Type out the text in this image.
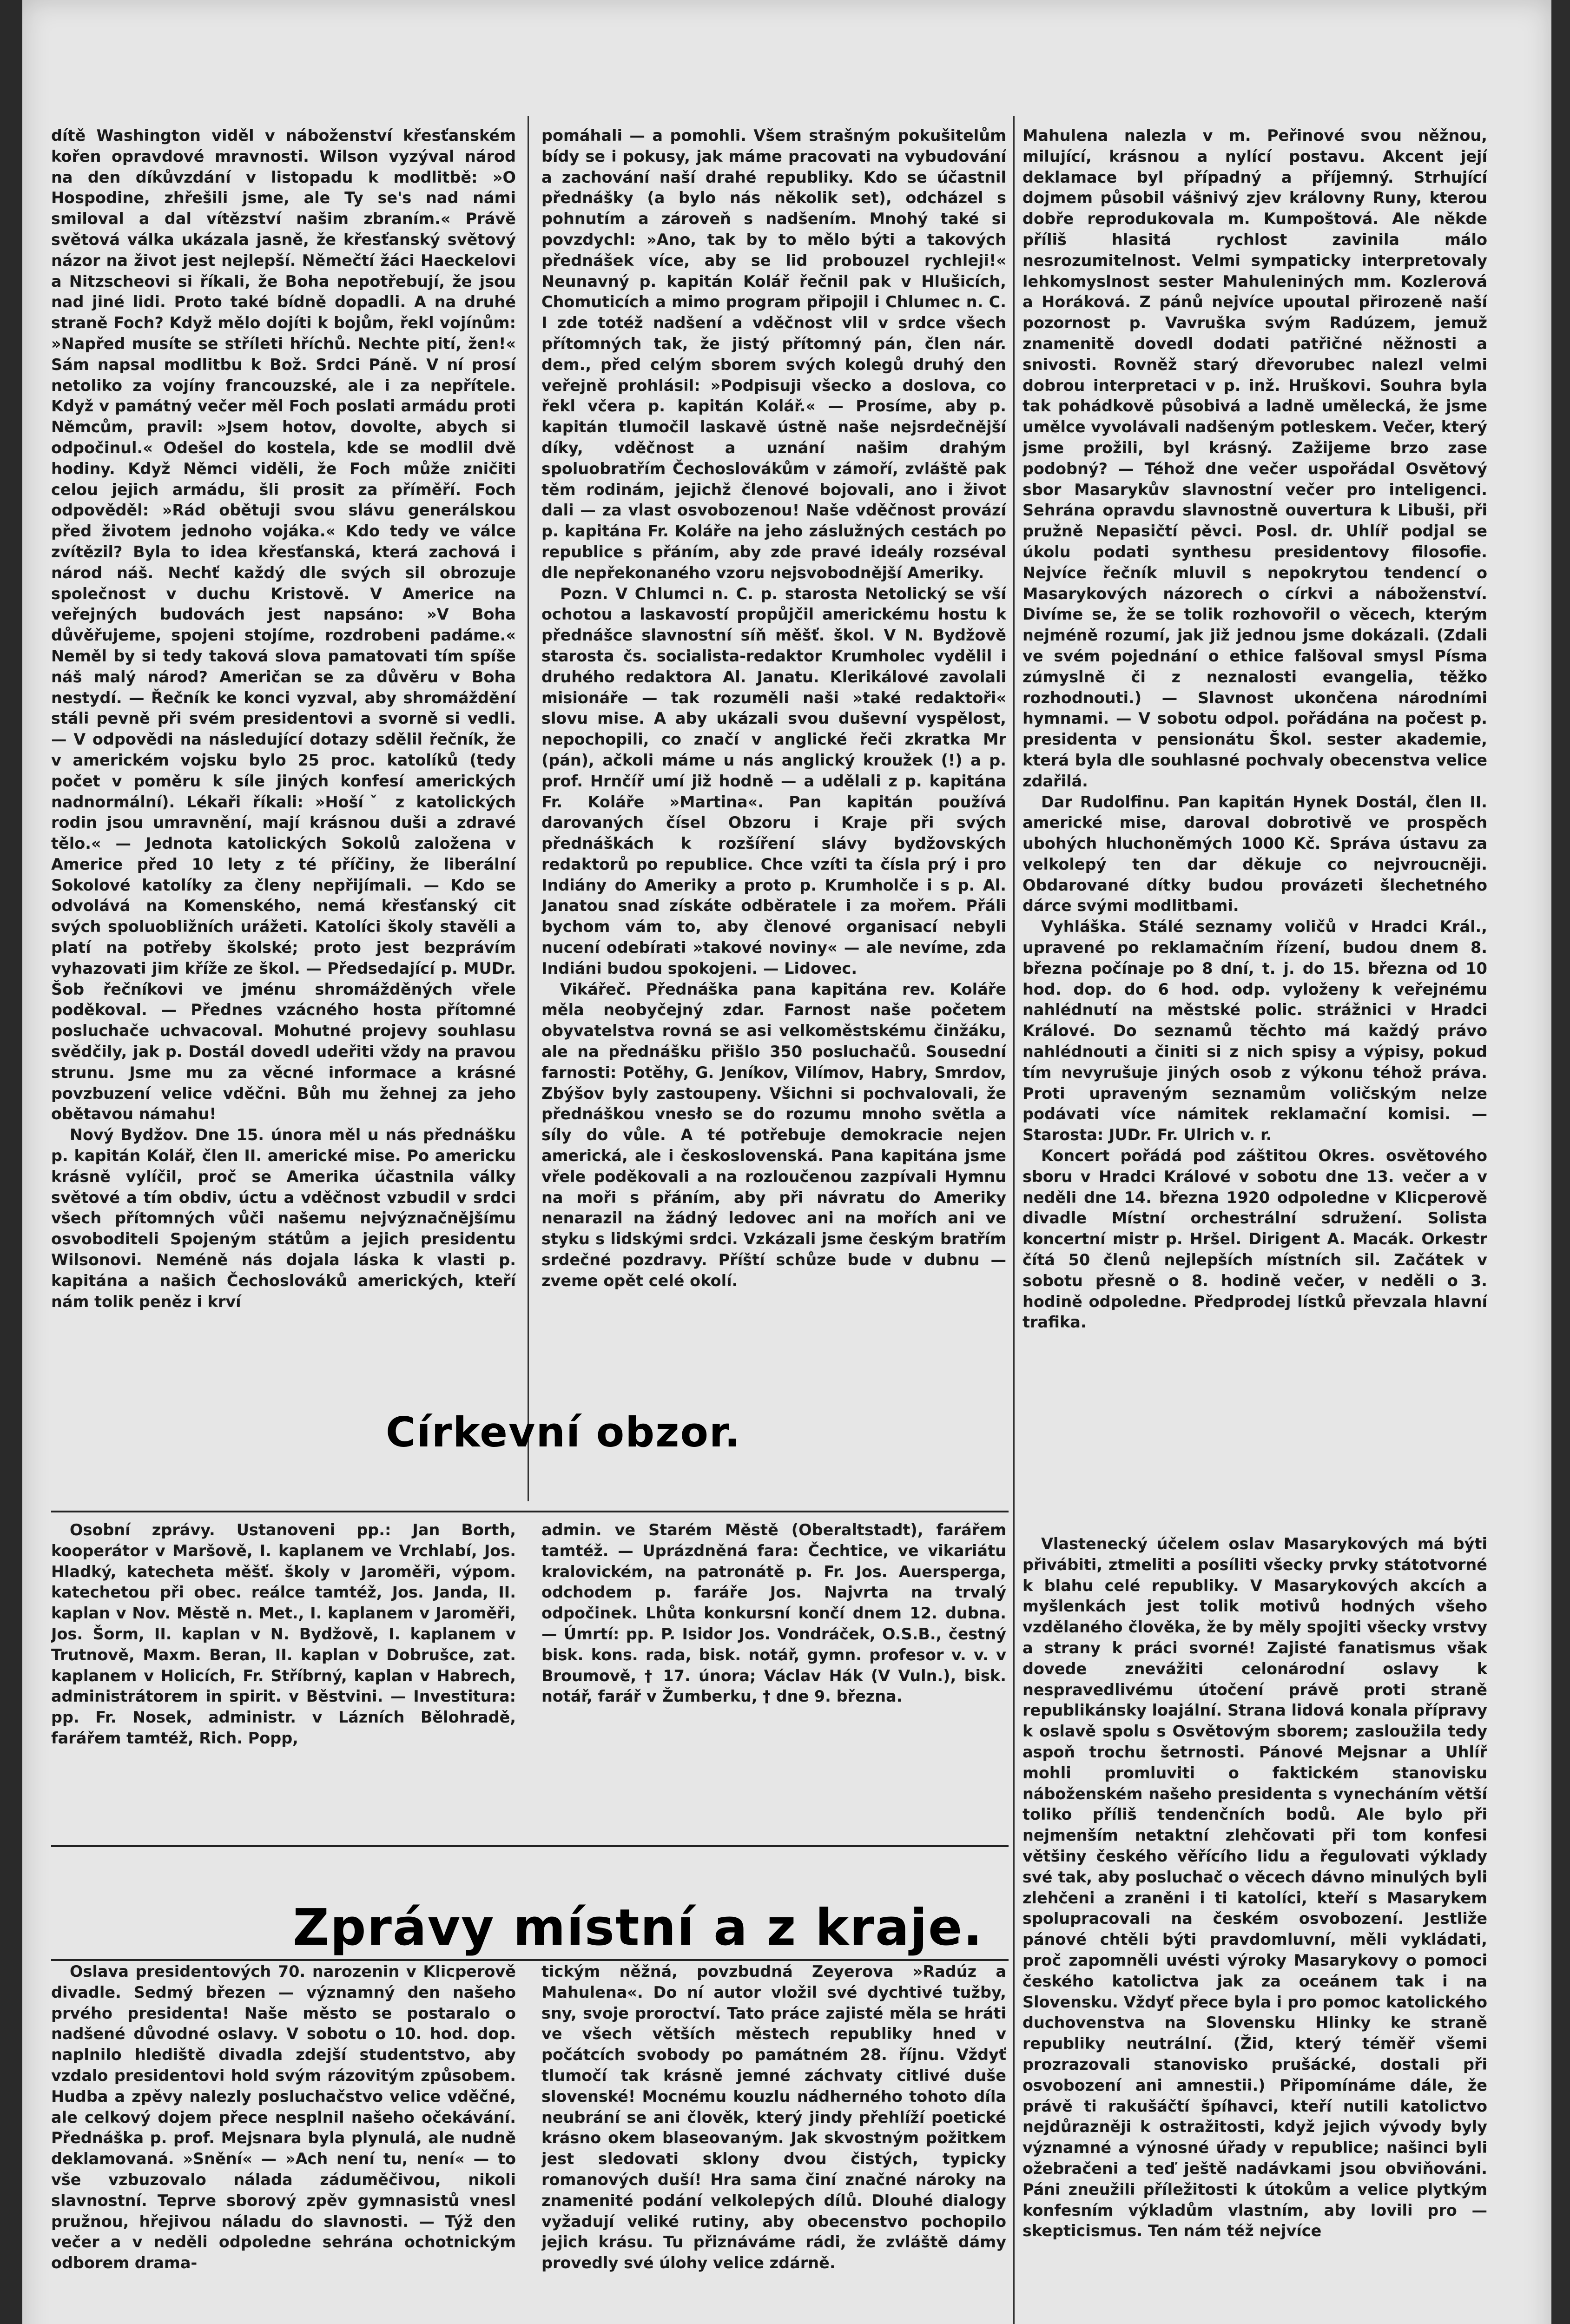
dítě Washington viděl v náboženství křesťanském kořen opravdové mravnosti. Wilson vyzýval národ na den díkůvzdání v listopadu k modlitbě: »O Hospodine, zhřešili jsme, ale Ty se's nad námi smiloval a dal vítězství našim zbraním.« Právě světová válka ukázala jasně, že křesťanský světový názor na život jest nejlepší. Němečtí žáci Haeckelovi a Nitzscheovi si říkali, že Boha nepotřebují, že jsou nad jiné lidi. Proto také bídně dopadli. A na druhé straně Foch? Když mělo dojíti k bojům, řekl vojínům: »Napřed musíte se stříleti hříchů. Nechte pití, žen!« Sám napsal modlitbu k Bož. Srdci Páně. V ní prosí netoliko za vojíny francouzské, ale i za nepřítele. Když v památný večer měl Foch poslati armádu proti Němcům, pravil: »Jsem hotov, dovolte, abych si odpočinul.« Odešel do kostela, kde se modlil dvě hodiny. Když Němci viděli, že Foch může zničiti celou jejich armádu, šli prosit za příměří. Foch odpověděl: »Rád obětuji svou slávu generálskou před životem jednoho vojáka.« Kdo tedy ve válce zvítězil? Byla to idea křesťanská, která zachová i národ náš. Nechť každý dle svých sil obrozuje společnost v duchu Kristově. V Americe na veřejných budovách jest napsáno: »V Boha důvěřujeme, spojeni stojíme, rozdrobeni padáme.« Neměl by si tedy taková slova pamatovati tím spíše náš malý národ? Američan se za důvěru v Boha nestydí. — Řečník ke konci vyzval, aby shromáždění stáli pevně při svém presidentovi a svorně si vedli. — V odpovědi na následující dotazy sdělil řečník, že v americkém vojsku bylo 25 proc. katolíků (tedy počet v poměru k síle jiných konfesí amerických nadnormální). Lékaři říkali: »Hošíˇ z katolických rodin jsou umravnění, mají krásnou duši a zdravé tělo.« — Jednota katolických Sokolů založena v Americe před 10 lety z té příčiny, že liberální Sokolové katolíky za členy nepřijímali. — Kdo se odvolává na Komenského, nemá křesťanský cit svých spoluobližních urážeti. Katolíci školy stavěli a platí na potřeby školské; proto jest bezprávím vyhazovati jim kříže ze škol. — Předsedající p. MUDr. Šob řečníkovi ve jménu shromážděných vřele poděkoval. — Přednes vzácného hosta přítomné posluchače uchvacoval. Mohutné projevy souhlasu svědčily, jak p. Dostál dovedl udeřiti vždy na pravou strunu. Jsme mu za věcné informace a krásné povzbuzení velice vděčni. Bůh mu žehnej za jeho obětavou námahu!

Nový Bydžov. Dne 15. února měl u nás přednášku p. kapitán Kolář, člen II. americké mise. Po americku krásně vylíčil, proč se Amerika účastnila války světové a tím obdiv, úctu a vděčnost vzbudil v srdci všech přítomných vůči našemu nejvýznačnějšímu osvoboditeli Spojeným státům a jejich presidentu Wilsonovi. Neméně nás dojala láska k vlasti p. kapitána a našich Čechoslováků amerických, kteří nám tolik peněz i krví

pomáhali — a pomohli. Všem strašným pokušitelům bídy se i pokusy, jak máme pracovati na vybudování a zachování naší drahé republiky. Kdo se účastnil přednášky (a bylo nás několik set), odcházel s pohnutím a zároveň s nadšením. Mnohý také si povzdychl: »Ano, tak by to mělo býti a takových přednášek více, aby se lid probouzel rychleji!« Neunavný p. kapitán Kolář řečnil pak v Hlušicích, Chomuticích a mimo program připojil i Chlumec n. C. I zde totéž nadšení a vděčnost vlil v srdce všech přítomných tak, že jistý přítomný pán, člen nár. dem., před celým sborem svých kolegů druhý den veřejně prohlásil: »Podpisuji všecko a doslova, co řekl včera p. kapitán Kolář.« — Prosíme, aby p. kapitán tlumočil laskavě ústně naše nejsrdečnější díky, vděčnost a uznání našim drahým spoluobratřím Čechoslovákům v zámoří, zvláště pak těm rodinám, jejichž členové bojovali, ano i život dali — za vlast osvobozenou! Naše vděčnost provází p. kapitána Fr. Koláře na jeho záslužných cestách po republice s přáním, aby zde pravé ideály rozséval dle nepřekonaného vzoru nejsvobodnější Ameriky.

Pozn. V Chlumci n. C. p. starosta Netolický se vší ochotou a laskavostí propůjčil americkému hostu k přednášce slavnostní síň měšť. škol. V N. Bydžově starosta čs. socialista-redaktor Krumholec vydělil i druhého redaktora Al. Janatu. Klerikálové zavolali misionáře — tak rozuměli naši »také redaktoři« slovu mise. A aby ukázali svou duševní vyspělost, nepochopili, co značí v anglické řeči zkratka Mr (pán), ačkoli máme u nás anglický kroužek (!) a p. prof. Hrnčíř umí již hodně — a udělali z p. kapitána Fr. Koláře »Martina«. Pan kapitán používá darovaných čísel Obzoru i Kraje při svých přednáškách k rozšíření slávy bydžovských redaktorů po republice. Chce vzíti ta čísla prý i pro Indiány do Ameriky a proto p. Krumholče i s p. Al. Janatou snad získáte odběratele i za mořem. Přáli bychom vám to, aby členové organisací nebyli nucení odebírati »takové noviny« — ale nevíme, zda Indiáni budou spokojeni. — Lidovec.

Vikářeč. Přednáška pana kapitána rev. Koláře měla neobyčejný zdar. Farnost naše početem obyvatelstva rovná se asi velkoměstskému činžáku, ale na přednášku přišlo 350 posluchačů. Sousední farnosti: Potěhy, G. Jeníkov, Vilímov, Habry, Smrdov, Zbýšov byly zastoupeny. Všichni si pochvalovali, že přednáškou vnesło se do rozumu mnoho světla a síly do vůle. A té potřebuje demokracie nejen americká, ale i československá. Pana kapitána jsme vřele poděkovali a na rozloučenou zazpívali Hymnu na moři s přáním, aby při návratu do Ameriky nenarazil na žádný ledovec ani na mořích ani ve styku s lidskými srdci. Vzkázali jsme českým bratřím srdečné pozdravy. Příští schůze bude v dubnu — zveme opět celé okolí.

Mahulena nalezla v m. Peřinové svou něžnou, milující, krásnou a nylící postavu. Akcent její deklamace byl případný a příjemný. Strhující dojmem působil vášnivý zjev královny Runy, kterou dobře reprodukovala m. Kumpoštová. Ale někde příliš hlasitá rychlost zavinila málo nesrozumitelnost. Velmi sympaticky interpretovaly lehkomyslnost sester Mahuleniných mm. Kozlerová a Horáková. Z pánů nejvíce upoutal přirozeně naší pozornost p. Vavruška svým Radúzem, jemuž znamenitě dovedl dodati patřičné něžnosti a snivosti. Rovněž starý dřevorubec nalezl velmi dobrou interpretaci v p. inž. Hruškovi. Souhra byla tak pohádkově působivá a ladně umělecká, že jsme umělce vyvolávali nadšeným potleskem. Večer, který jsme prožili, byl krásný. Zažijeme brzo zase podobný? — Téhož dne večer uspořádal Osvětový sbor Masarykův slavnostní večer pro inteligenci. Sehrána opravdu slavnostně ouvertura k Libuši, při pružně Nepasičtí pěvci. Posl. dr. Uhlíř podjal se úkolu podati synthesu presidentovy filosofie. Nejvíce řečník mluvil s nepokrytou tendencí o Masarykových názorech o církvi a náboženství. Divíme se, že se tolik rozhovořil o věcech, kterým nejméně rozumí, jak již jednou jsme dokázali. (Zdali ve svém pojednání o ethice falšoval smysl Písma zúmyslně či z neznalosti evangelia, těžko rozhodnouti.) — Slavnost ukončena národními hymnami. — V sobotu odpol. pořádána na počest p. presidenta v pensionátu Škol. sester akademie, která byla dle souhlasné pochvaly obecenstva velice zdařilá.

Dar Rudolfinu. Pan kapitán Hynek Dostál, člen II. americké mise, daroval dobrotivě ve prospěch ubohých hluchoněmých 1000 Kč. Správa ústavu za velkolepý ten dar děkuje co nejvroucněji. Obdarované dítky budou provázeti šlechetného dárce svými modlitbami.

Vyhláška. Stálé seznamy voličů v Hradci Král., upravené po reklamačním řízení, budou dnem 8. března počínaje po 8 dní, t. j. do 15. března od 10 hod. dop. do 6 hod. odp. vyloženy k veřejnému nahlédnutí na městské polic. strážnici v Hradci Králové. Do seznamů těchto má každý právo nahlédnouti a činiti si z nich spisy a výpisy, pokud tím nevyrušuje jiných osob z výkonu téhož práva. Proti upraveným seznamům voličským nelze podávati více námitek reklamační komisi. — Starosta: JUDr. Fr. Ulrich v. r.

Koncert pořádá pod záštitou Okres. osvětového sboru v Hradci Králové v sobotu dne 13. večer a v neděli dne 14. března 1920 odpoledne v Klicperově divadle Místní orchestrální sdružení. Solista koncertní mistr p. Hršel. Dirigent A. Macák. Orkestr čítá 50 členů nejlepších místních sil. Začátek v sobotu přesně o 8. hodině večer, v neděli o 3. hodině odpoledne. Předprodej lístků převzala hlavní trafika.

Vlastenecký účelem oslav Masarykových má býti přivábiti, ztmeliti a posíliti všecky prvky státotvorné k blahu celé republiky. V Masarykových akcích a myšlenkách jest tolik motivů hodných všeho vzdělaného člověka, že by měly spojiti všecky vrstvy a strany k práci svorné! Zajisté fanatismus však dovede znevážiti celonárodní oslavy k nespravedlivému útočení právě proti straně republikánsky loajální. Strana lidová konala přípravy k oslavě spolu s Osvětovým sborem; zasloužila tedy aspoň trochu šetrnosti. Pánové Mejsnar a Uhlíř mohli promluviti o faktickém stanovisku náboženském našeho presidenta s vynecháním větší toliko příliš tendenčních bodů. Ale bylo při nejmenším netaktní zlehčovati při tom konfesi většiny českého věřícího lidu a řegulovati výklady své tak, aby posluchač o věcech dávno minulých byli zlehčeni a zraněni i ti katolíci, kteří s Masarykem spolupracovali na českém osvobození. Jestliže pánové chtěli býti pravdomluvní, měli vykládati, proč zapomněli uvésti výroky Masarykovy o pomoci českého katolictva jak za oceánem tak i na Slovensku. Vždyť přece byla i pro pomoc katolického duchovenstva na Slovensku Hlinky ke straně republiky neutrální. (Žid, který téměř všemi prozrazovali stanovisko prušácké, dostali při osvobození ani amnestii.) Připomínáme dále, že právě ti rakušáčtí špíhavci, kteří nutili katolictvo nejdůrazněji k ostražitosti, když jejich vývody byly významné a výnosné úřady v republice; našinci byli ožebračeni a teď ještě nadávkami jsou obviňováni. Páni zneužili příležitosti k útokům a velice plytkým konfesním výkladům vlastním, aby lovili pro — skepticismus. Ten nám též nejvíce

Církevní obzor.

Osobní zprávy. Ustanoveni pp.: Jan Borth, kooperátor v Maršově, I. kaplanem ve Vrchlabí, Jos. Hladký, katecheta měšť. školy v Jaroměři, výpom. katechetou při obec. reálce tamtéž, Jos. Janda, II. kaplan v Nov. Městě n. Met., I. kaplanem v Jaroměři, Jos. Šorm, II. kaplan v N. Bydžově, I. kaplanem v Trutnově, Maxm. Beran, II. kaplan v Dobrušce, zat. kaplanem v Holicích, Fr. Stříbrný, kaplan v Habrech, administrátorem in spirit. v Běstvini. — Investitura: pp. Fr. Nosek, administr. v Lázních Bělohradě, farářem tamtéž, Rich. Popp,

admin. ve Starém Městě (Oberaltstadt), farářem tamtéž. — Uprázdněná fara: Čechtice, ve vikariátu kralovickém, na patronátě p. Fr. Jos. Auersperga, odchodem p. faráře Jos. Najvrta na trvalý odpočinek. Lhůta konkursní končí dnem 12. dubna. — Úmrtí: pp. P. Isidor Jos. Vondráček, O.S.B., čestný bisk. kons. rada, bisk. notář, gymn. profesor v. v. v Broumově, † 17. února; Václav Hák (V Vuln.), bisk. notář, farář v Žumberku, † dne 9. března.

Zprávy místní a z kraje.

Oslava presidentových 70. narozenin v Klicperově divadle. Sedmý březen — významný den našeho prvého presidenta! Naše město se postaralo o nadšené důvodné oslavy. V sobotu o 10. hod. dop. naplnilo hlediště divadla zdejší studentstvo, aby vzdalo presidentovi hold svým rázovitým způsobem. Hudba a zpěvy nalezly posluchačstvo velice vděčné, ale celkový dojem přece nesplnil našeho očekávání. Přednáška p. prof. Mejsnara byla plynulá, ale nudně deklamovaná. »Snění« — »Ach není tu, není« — to vše vzbuzovalo nálada záduměčivou, nikoli slavnostní. Teprve sborový zpěv gymnasistů vnesl pružnou, hřejivou náladu do slavnosti. — Týž den večer a v neděli odpoledne sehrána ochotnickým odborem drama-

tickým něžná, povzbudná Zeyerova »Radúz a Mahulena«. Do ní autor vložil své dychtivé tužby, sny, svoje proroctví. Tato práce zajisté měla se hráti ve všech větších městech republiky hned v počátcích svobody po památném 28. říjnu. Vždyť tlumočí tak krásně jemné záchvaty citlivé duše slovenské! Mocnému kouzlu nádherného tohoto díla neubrání se ani člověk, který jindy přehlíží poetické krásno okem blaseovaným. Jak skvostným požitkem jest sledovati sklony dvou čistých, typicky romanových duší! Hra sama činí značné nároky na znamenité podání velkolepých dílů. Dlouhé dialogy vyžadují veliké rutiny, aby obecenstvo pochopilo jejich krásu. Tu přiznáváme rádi, že zvláště dámy provedly své úlohy velice zdárně.
